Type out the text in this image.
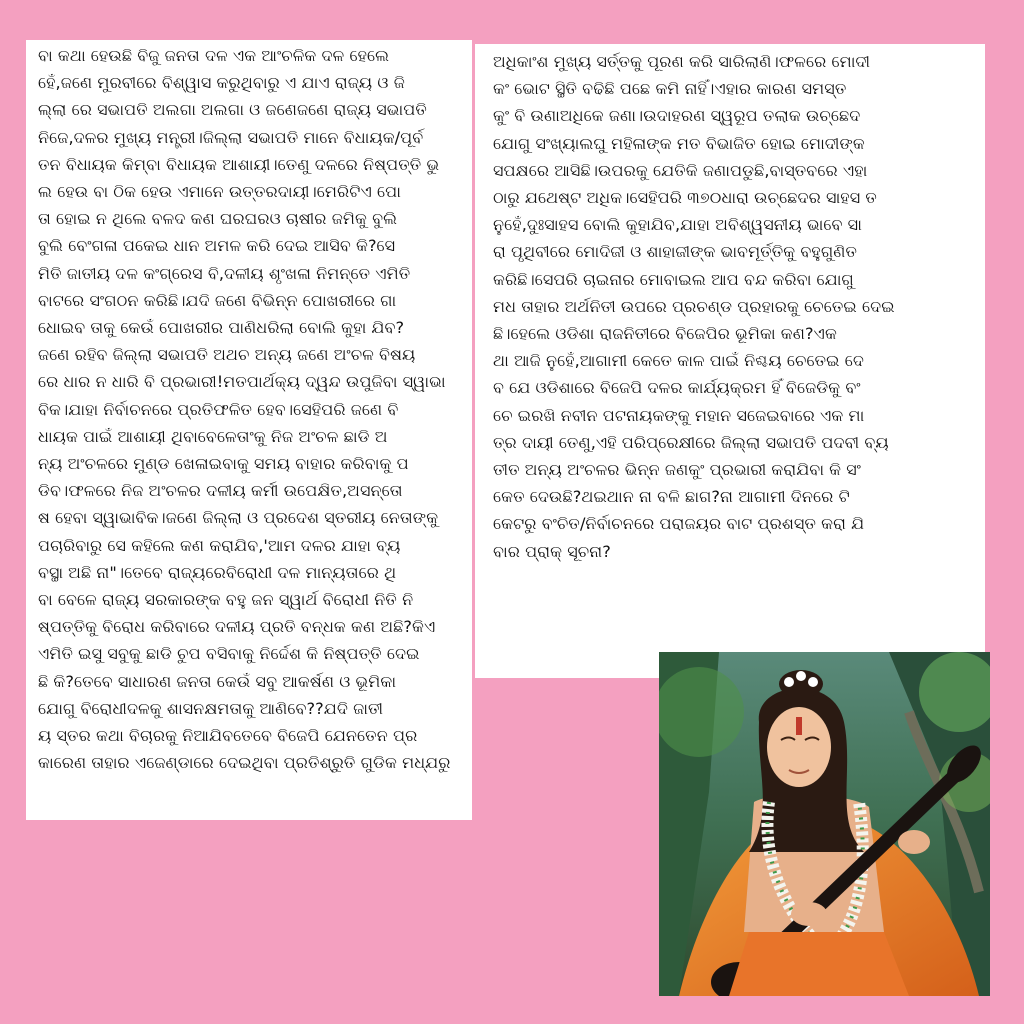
ବା କଥା ହେଉଛି ବିଜୁ ଜନତା ଦଳ ଏକ ଆଂଚଳିକ ଦଳ ହେଲେ
ହେଁ,ଜଣେ ମୁରବୀରେ ବିଶ୍ୱାସ କରୁଥିବାରୁ ଏ ଯାଏ ରାଜ୍ୟ ଓ ଜି
ଲ୍ଲା ରେ ସଭାପତି ଅଲଗା ଅଲଗା ଓ ଜଣେଜଣେ ରାଜ୍ୟ ସଭାପତି
ନିଜେ,ଦଳର ମୁଖ୍ୟ ମନ୍ତ୍ରୀ।ଜିଲ୍ଲା ସଭାପତି ମାନେ ବିଧାୟକ/ପୂର୍ବ
ତନ ବିଧାୟକ କିମ୍ବା ବିଧାୟକ ଆଶାୟୀ।ତେଣୁ ଦଳରେ ନିଷ୍ପତ୍ତି ଭୁ
ଲ ହେଉ ବା ଠିକ ହେଉ ଏମାନେ ଉତ୍ତରଦାୟୀ।ମେରିଟିଏ ପୋ
ତା ହୋଇ ନ ଥିଲେ ବଳଦ କଣ ଘରଘରଓ ଚାଷୀର ଜମିକୁ ବୁଲି
ବୁଲି ବେଂଗଳା ପକେଇ ଧାନ ଅମଳ କରି ଦେଇ ଆସିବ କି?ସେ
ମିତି ଜାତୀୟ ଦଳ କଂଗ୍ରେସ ବି,ଦଳୀୟ ଶୃଂଖଳା ନିମନ୍ତେ ଏମିତି
ବାଟରେ ସଂଗଠନ କରିଛି।ଯଦି ଜଣେ ବିଭିନ୍ନ ପୋଖରୀରେ ଗା
ଧୋଇବ ତାକୁ କେଉଁ ପୋଖରୀର ପାଣିଧରିଲା ବୋଲି କୁହା ଯିବ?
ଜଣେ ରହିବ ଜିଲ୍ଲା ସଭାପତି ଅଥଚ ଅନ୍ୟ ଜଣେ ଅଂଚଳ ବିଷୟ
ରେ ଧାର ନ ଧାରି ବି ପ୍ରଭାରୀ!ମତପାର୍ଥକ୍ୟ ଦ୍ୱନ୍ଦ ଉପୁଜିବା ସ୍ୱାଭା
ବିକ।ଯାହା ନିର୍ବାଚନରେ ପ୍ରତିଫଳିତ ହେବ।ସେହିପରି ଜଣେ ବି
ଧାୟକ ପାଇଁ ଆଶାୟୀ ଥିବାବେଳେତାଂକୁ ନିଜ ଅଂଚଳ ଛାଡି ଅ
ନ୍ୟ ଅଂଚଳରେ ମୁଣ୍ଡ ଖେଳାଇବାକୁ ସମୟ ବାହାର କରିବାକୁ ପ
ଡିବ।ଫଳରେ ନିଜ ଅଂଚଳର ଦଳୀୟ କର୍ମୀ ଉପେକ୍ଷିତ,ଅସନ୍ତୋ
ଷ ହେବା ସ୍ୱାଭାବିକ।ଜଣେ ଜିଲ୍ଲା ଓ ପ୍ରଦେଶ ସ୍ତରୀୟ ନେତାଙ୍କୁ
ପଚାରିବାରୁ ସେ କହିଲେ କଣ କରାଯିବ,'ଆମ ଦଳର ଯାହା ବ୍ୟ
ବସ୍ଥା ଅଛି ନା"।ତେବେ ରାଜ୍ୟରେବିରୋଧୀ ଦଳ ମାନ୍ୟତାରେ ଥି
ବା ବେଳେ ରାଜ୍ୟ ସରକାରଙ୍କ ବହୁ ଜନ ସ୍ୱାର୍ଥ ବିରୋଧୀ ନିତି ନି
ଷ୍ପତ୍ତିକୁ ବିରୋଧ କରିବାରେ ଦଳୀୟ ପ୍ରତି ବନ୍ଧକ କଣ ଅଛି?କିଏ
ଏମିତି ଇସୁ ସବୁକୁ ଛାଡି ଚୁପ ବସିବାକୁ ନିର୍ଦ୍ଦେଶ କି ନିଷ୍ପତ୍ତି ଦେଇ
ଛି କି?ତେବେ ସାଧାରଣ ଜନତା କେଉଁ ସବୁ ଆକର୍ଷଣ ଓ ଭୂମିକା
ଯୋଗୁ ବିରୋଧୀଦଳକୁ ଶାସନକ୍ଷମତାକୁ ଆଣିବେ??ଯଦି ଜାତୀ
ୟ ସ୍ତର କଥା ବିଚାରକୁ ନିଆଯିବତେବେ ବିଜେପି ଯେନତେନ ପ୍ର
କାରେଣ ତାହାର ଏଜେଣ୍ଡାରେ ଦେଇଥିବା ପ୍ରତିଶ୍ରୁତି ଗୁଡିକ ମଧ୍ଯରୁ
ଅଧିକାଂଶ ମୁଖ୍ୟ ସର୍ତ୍ତକୁ ପୂରଣ କରି ସାରିଲାଣି।ଫଳରେ ମୋଦୀ
କଂ ଭୋଟ ସ୍ଥିତି ବଢିଛି ପଛେ କମି ନାହିଁ।ଏହାର କାରଣ ସମସ୍ତ
କୁଂ ବି ଉଣାଅଧିକେ ଜଣା।ଉଦାହରଣ ସ୍ୱରୂପ ତଲାକ ଉଚ୍ଛେଦ
ଯୋଗୁ ସଂଖ୍ୟାଲଘୁ ମହିଳାଙ୍କ ମତ ବିଭାଜିତ ହୋଇ ମୋଦୀଙ୍କ
ସପକ୍ଷରେ ଆସିଛି।ଉପରକୁ ଯେତିକି ଜଣାପଡୁଛି,ବାସ୍ତବରେ ଏହା
ଠାରୁ ଯଥେଷ୍ଟ ଅଧିକ।ସେହିପରି ୩୭୦ଧାରା ଉଚ୍ଛେଦର ସାହସ ତ
ନୁହେଁ,ଦୁଃସାହସ ବୋଲି କୁହାଯିବ,ଯାହା ଅବିଶ୍ୱସନୀୟ ଭାବେ ସା
ରା ପୃଥିବୀରେ ମୋଦିଜୀ ଓ ଶାହାଜୀଙ୍କ ଭାବମୂର୍ତ୍ତିକୁ ବହୁଗୁଣିତ
କରିଛି।ସେପରି ଚାଇନାର ମୋବାଇଲ ଆପ ବନ୍ଦ କରିବା ଯୋଗୁ
ମଧ ତାହାର ଅର୍ଥନିତୀ ଉପରେ ପ୍ରଚଣ୍ଡ ପ୍ରହାରକୁ ଚେତେଇ ଦେଇ
ଛି।ହେଲେ ଓଡିଶା ରାଜନିତୀରେ ବିଜେପିର ଭୂମିକା କଣ?ଏକ
ଥା ଆଜି ନୁହେଁ,ଆଗାମୀ କେତେ କାଳ ପାଇଁ ନିଶ୍ଚୟ ଚେତେଇ ଦେ
ବ ଯେ ଓଡିଶାରେ ବିଜେପି ଦଳର କାର୍ଯ୍ୟକ୍ରମ ହିଁ ବିଜେଡିକୁ ବଂ
ଚେ ଇରଖି ନବୀନ ପଟନାୟକଙ୍କୁ ମହାନ ସଜେଇବାରେ ଏକ ମା
ତ୍ର ଦାୟୀ ତେଣୁ,ଏହି ପରିପ୍ରେକ୍ଷୀରେ ଜିଲ୍ଲା ସଭାପତି ପଦବୀ ବ୍ୟ
ତୀତ ଅନ୍ୟ ଅଂଚଳର ଭିନ୍ନ ଜଣକୁଂ ପ୍ରଭାରୀ କରାଯିବା କି ସଂ
କେତ ଦେଉଛି?ଥଇଥାନ ନା ବଳି ଛାଗ?ନା ଆଗାମୀ ଦିନରେ ଟି
କେଟରୁ ବଂଚିତ/ନିର୍ବାଚନରେ ପରାଜୟର ବାଟ ପ୍ରଶସ୍ତ କରା ଯି
ବାର ପ୍ରାକ୍ ସୂଚନା?
